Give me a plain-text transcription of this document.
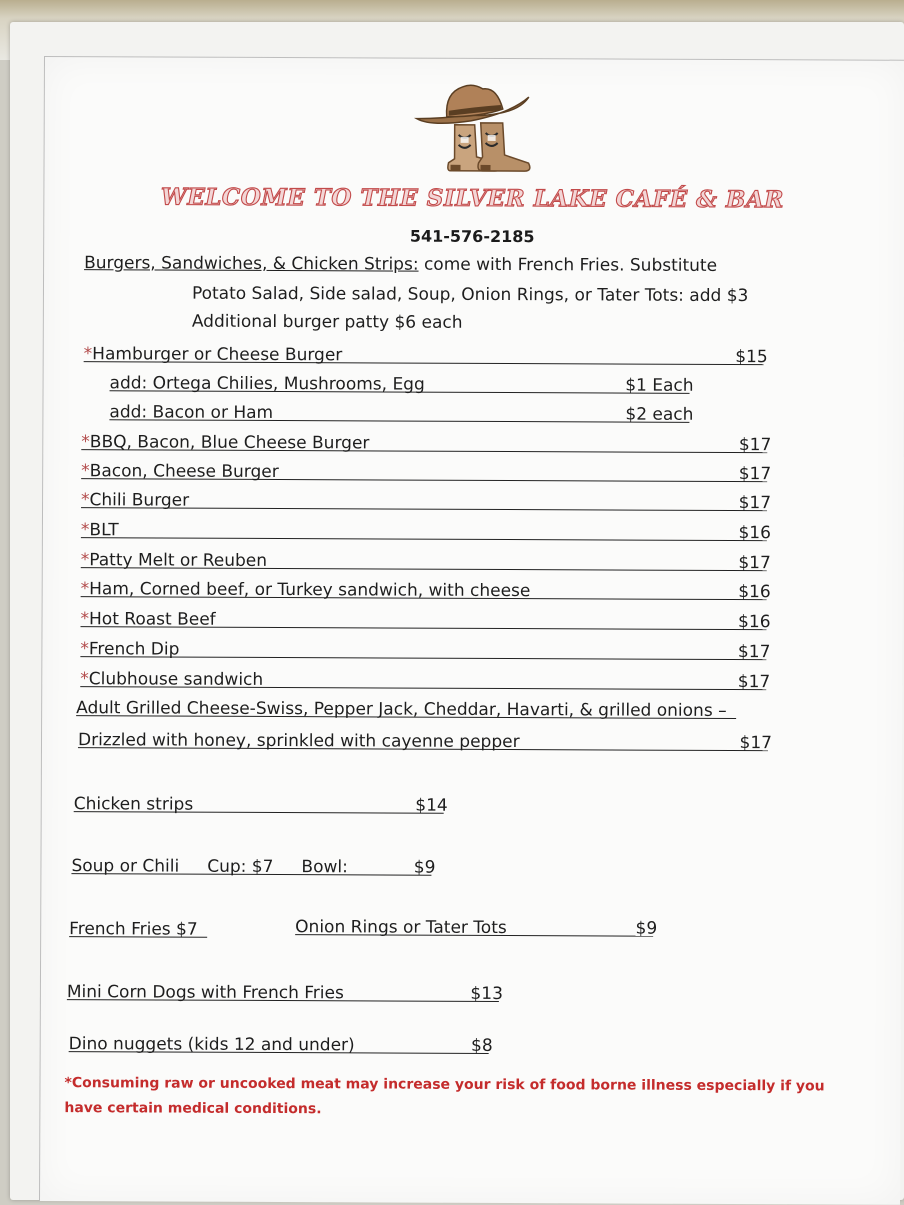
WELCOME TO THE SILVER LAKE CAFÉ & BAR
541-576-2185
Burgers, Sandwiches, & Chicken Strips: come with French Fries. Substitute
Potato Salad, Side salad, Soup, Onion Rings, or Tater Tots: add $3
Additional burger patty $6 each
*Hamburger or Cheese Burger	$15
add: Ortega Chilies, Mushrooms, Egg	$1 Each
add: Bacon or Ham	$2 each
*BBQ, Bacon, Blue Cheese Burger	$17
*Bacon, Cheese Burger	$17
*Chili Burger	$17
*BLT	$16
*Patty Melt or Reuben	$17
*Ham, Corned beef, or Turkey sandwich, with cheese	$16
*Hot Roast Beef	$16
*French Dip	$17
*Clubhouse sandwich	$17
Adult Grilled Cheese-Swiss, Pepper Jack, Cheddar, Havarti, & grilled onions –
Drizzled with honey, sprinkled with cayenne pepper	$17
Chicken strips	$14
Soup or Chili Cup: $7 Bowl:	$9
French Fries $7	Onion Rings or Tater Tots	$9
Mini Corn Dogs with French Fries	$13
Dino nuggets (kids 12 and under)	$8
*Consuming raw or uncooked meat may increase your risk of food borne illness especially if you have certain medical conditions.
